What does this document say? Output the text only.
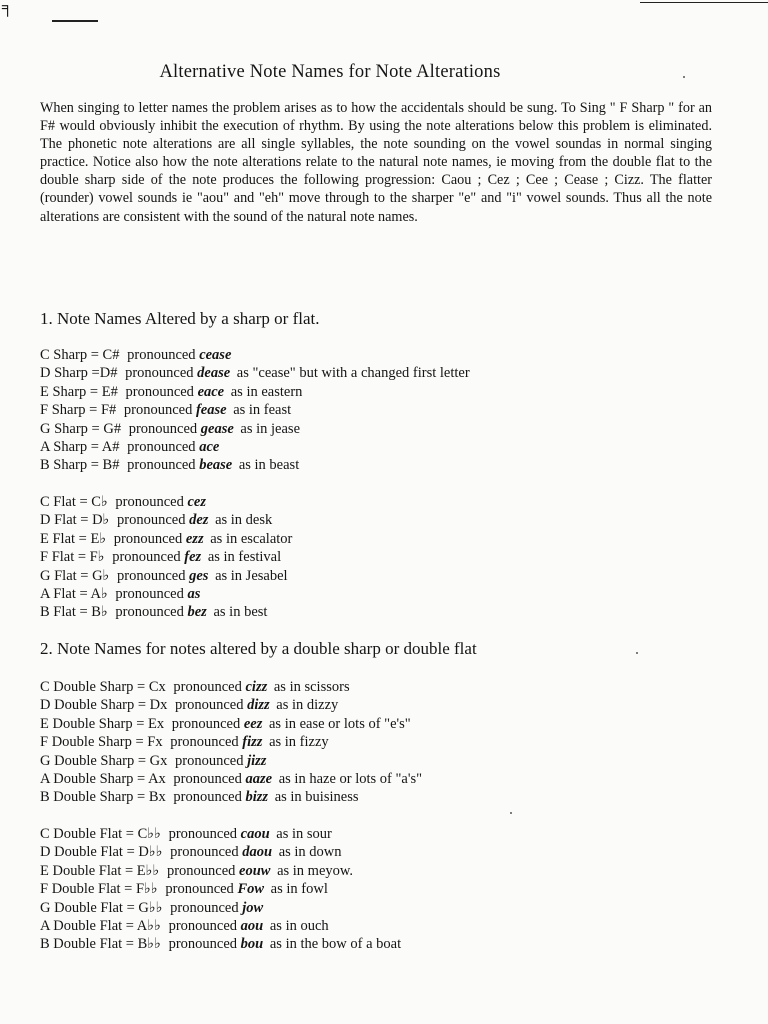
╕
Alternative Note Names for Note Alterations

When singing to letter names the problem arises as to how the accidentals should be sung. To Sing " F Sharp " for an F# would obviously inhibit the execution of rhythm. By using the note alterations below this problem is eliminated. The phonetic note alterations are all single syllables, the note sounding on the vowel soundas in normal singing practice. Notice also how the note alterations relate to the natural note names, ie moving from the double flat to the double sharp side of the note produces the following progression: Caou ; Cez ; Cee ; Cease ; Cizz. The flatter (rounder) vowel sounds ie "aou" and "eh" move through to the sharper "e" and "i" vowel sounds. Thus all the note alterations are consistent with the sound of the natural note names.

1. Note Names Altered by a sharp or flat.
C Sharp = C# pronounced cease
D Sharp =D# pronounced dease as "cease" but with a changed first letter
E Sharp = E# pronounced eace as in eastern
F Sharp = F# pronounced fease as in feast
G Sharp = G# pronounced gease as in jease
A Sharp = A# pronounced ace
B Sharp = B# pronounced bease as in beast
C Flat = C♭ pronounced cez
D Flat = D♭ pronounced dez as in desk
E Flat = E♭ pronounced ezz as in escalator
F Flat = F♭ pronounced fez as in festival
G Flat = G♭ pronounced ges as in Jesabel
A Flat = A♭ pronounced as
B Flat = B♭ pronounced bez as in best
2. Note Names for notes altered by a double sharp or double flat
C Double Sharp = Cx pronounced cizz as in scissors
D Double Sharp = Dx pronounced dizz as in dizzy
E Double Sharp = Ex pronounced eez as in ease or lots of "e's"
F Double Sharp = Fx pronounced fizz as in fizzy
G Double Sharp = Gx pronounced jizz
A Double Sharp = Ax pronounced aaze as in haze or lots of "a's"
B Double Sharp = Bx pronounced bizz as in buisiness
C Double Flat = C♭♭ pronounced caou as in sour
D Double Flat = D♭♭ pronounced daou as in down
E Double Flat = E♭♭ pronounced eouw as in meyow.
F Double Flat = F♭♭ pronounced Fow as in fowl
G Double Flat = G♭♭ pronounced jow
A Double Flat = A♭♭ pronounced aou as in ouch
B Double Flat = B♭♭ pronounced bou as in the bow of a boat
